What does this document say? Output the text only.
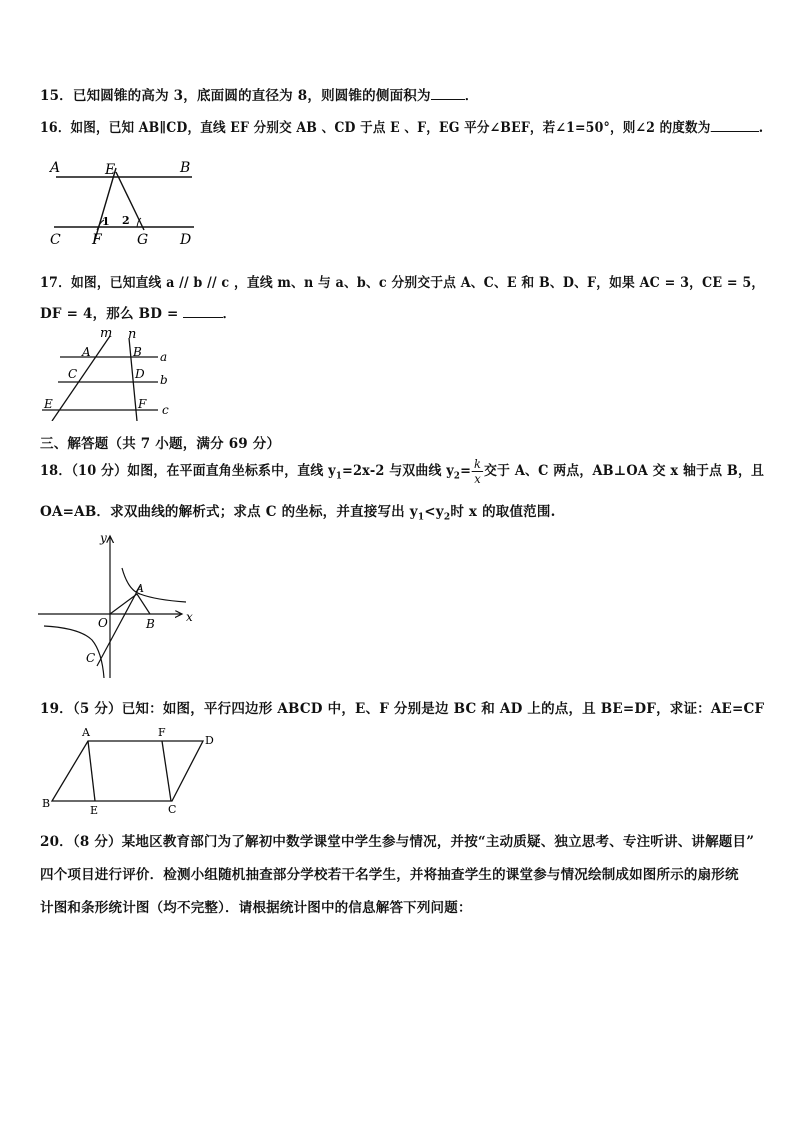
15．已知圆锥的高为 3，底面圆的直径为 8，则圆锥的侧面积为	．
16．如图，已知 AB∥CD，直线 EF 分别交 AB 、CD 于点 E 、F，EG 平分∠BEF，若∠1=50°，则∠2 的度数为	.
A	E	B
1 2
C F	G D
17．如图，已知直线 a // b // c ，直线 m、n 与 a、b、c 分别交于点 A、C、E 和 B、D、F，如果 AC = 3，CE = 5，
DF = 4，那么 BD =	．
m n
A	B a
C	D b
E	F c
三、解答题（共 7 小题，满分 69 分）
18．（10 分）如图，在平面直角坐标系中，直线 $y_1=2x-2$ 与双曲线 $y_2= \frac{k}{x}$ 交于 A、C 两点，AB⊥OA 交 x 轴于点 B，且
OA=AB．求双曲线的解析式；求点 C 的坐标，并直接写出 $y_1<y_2$时 x 的取值范围.
y
x
O
A
B
C
19．（5 分）已知：如图，平行四边形 ABCD 中，E、F 分别是边 BC 和 AD 上的点，且 BE=DF，求证：AE=CF
A	F
D
B
E	C
20．（8 分）某地区教育部门为了解初中数学课堂中学生参与情况，并按“主动质疑、独立思考、专注听讲、讲解题目”
四个项目进行评价．检测小组随机抽查部分学校若干名学生，并将抽查学生的课堂参与情况绘制成如图所示的扇形统
计图和条形统计图（均不完整）．请根据统计图中的信息解答下列问题：
